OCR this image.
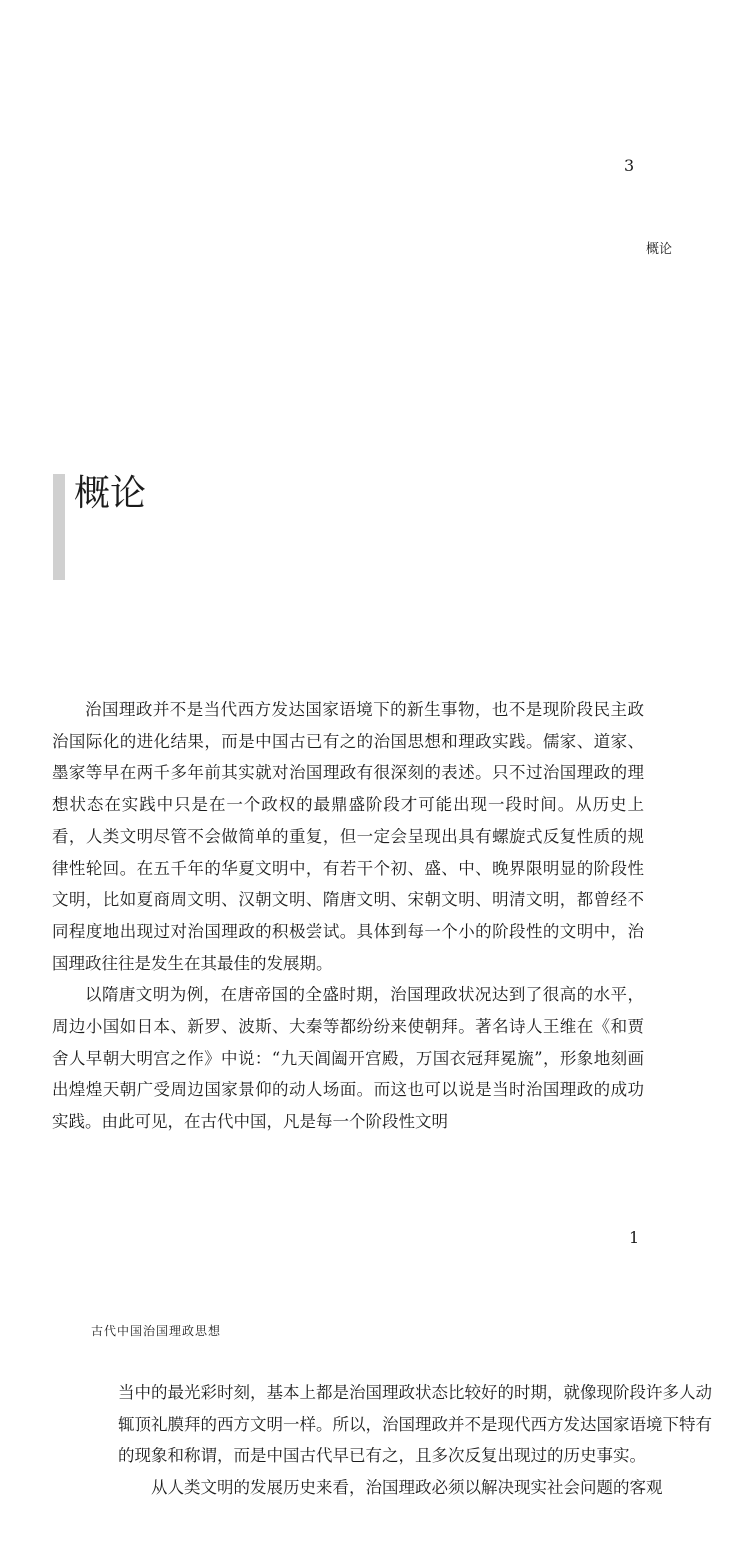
3
概论
概论

治国理政并不是当代西方发达国家语境下的新生事物，也不是现阶段民主政治国际化的进化结果，而是中国古已有之的治国思想和理政实践。儒家、道家、墨家等早在两千多年前其实就对治国理政有很深刻的表述。只不过治国理政的理想状态在实践中只是在一个政权的最鼎盛阶段才可能出现一段时间。从历史上看，人类文明尽管不会做简单的重复，但一定会呈现出具有螺旋式反复性质的规律性轮回。在五千年的华夏文明中，有若干个初、盛、中、晚界限明显的阶段性文明，比如夏商周文明、汉朝文明、隋唐文明、宋朝文明、明清文明，都曾经不同程度地出现过对治国理政的积极尝试。具体到每一个小的阶段性的文明中，治国理政往往是发生在其最佳的发展期。

以隋唐文明为例，在唐帝国的全盛时期，治国理政状况达到了很高的水平，周边小国如日本、新罗、波斯、大秦等都纷纷来使朝拜。著名诗人王维在《和贾舍人早朝大明宫之作》中说：“九天阊阖开宫殿，万国衣冠拜冕旒”，形象地刻画出煌煌天朝广受周边国家景仰的动人场面。而这也可以说是当时治国理政的成功实践。由此可见，在古代中国，凡是每一个阶段性文明

1
古代中国治国理政思想

当中的最光彩时刻，基本上都是治国理政状态比较好的时期，就像现阶段许多人动辄顶礼膜拜的西方文明一样。所以，治国理政并不是现代西方发达国家语境下特有的现象和称谓，而是中国古代早已有之，且多次反复出现过的历史事实。

从人类文明的发展历史来看，治国理政必须以解决现实社会问题的客观
